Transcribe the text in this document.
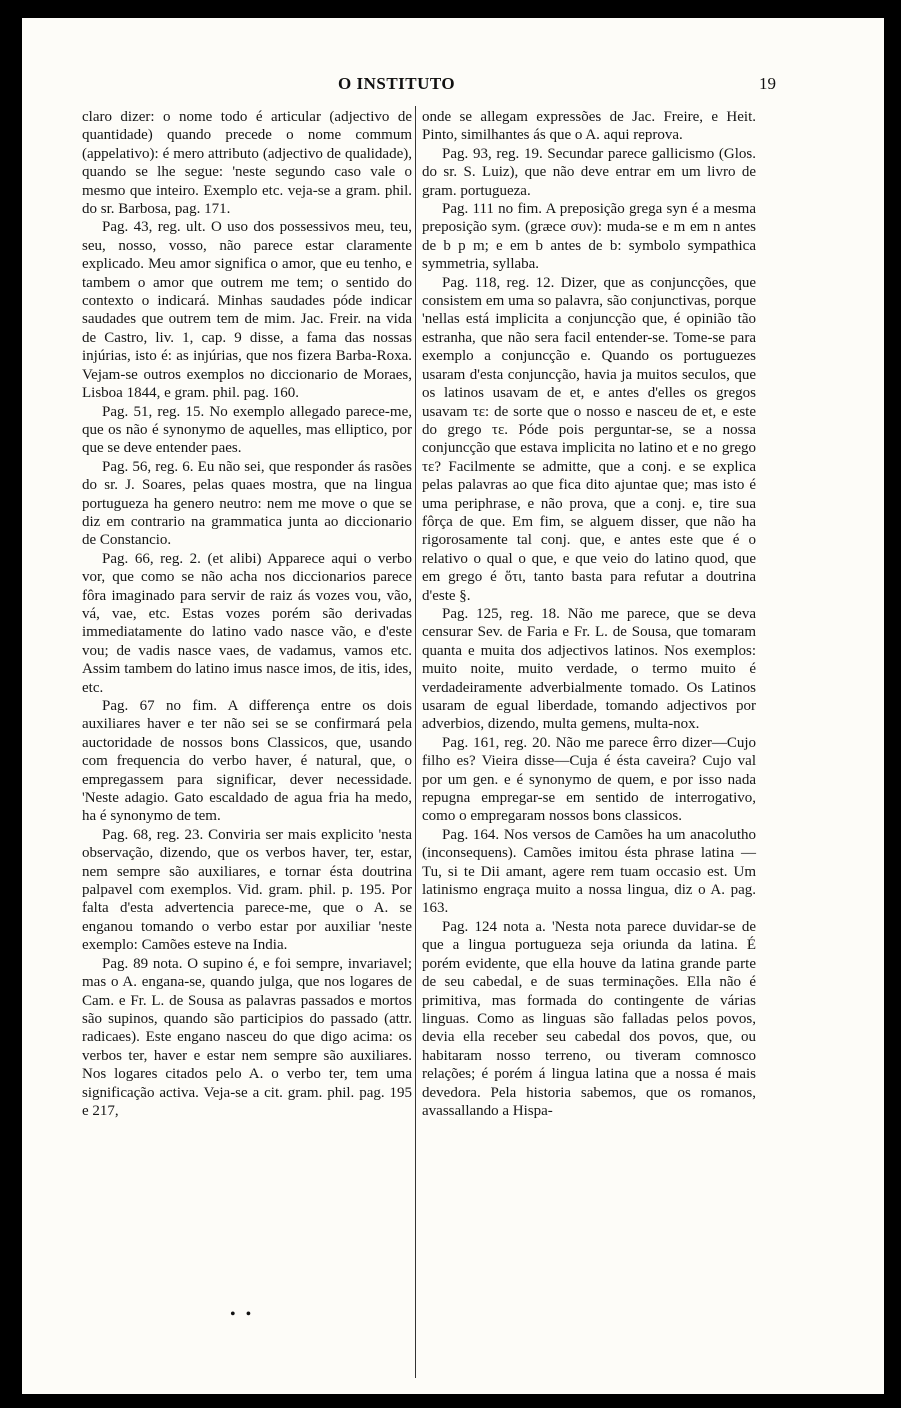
O INSTITUTO	19

claro dizer: o nome todo é articular (adjectivo de quantidade) quando precede o nome commum (appelativo): é mero attributo (adjectivo de qualidade), quando se lhe segue: 'neste segundo caso vale o mesmo que inteiro. Exemplo etc. veja-se a gram. phil. do sr. Barbosa, pag. 171.

Pag. 43, reg. ult. O uso dos possessivos meu, teu, seu, nosso, vosso, não parece estar claramente explicado. Meu amor significa o amor, que eu tenho, e tambem o amor que outrem me tem; o sentido do contexto o indicará. Minhas saudades póde indicar saudades que outrem tem de mim. Jac. Freir. na vida de Castro, liv. 1, cap. 9 disse, a fama das nossas injúrias, isto é: as injúrias, que nos fizera Barba-Roxa. Vejam-se outros exemplos no diccionario de Moraes, Lisboa 1844, e gram. phil. pag. 160.

Pag. 51, reg. 15. No exemplo allegado parece-me, que os não é synonymo de aquelles, mas elliptico, por que se deve entender paes.

Pag. 56, reg. 6. Eu não sei, que responder ás rasões do sr. J. Soares, pelas quaes mostra, que na lingua portugueza ha genero neutro: nem me move o que se diz em contrario na grammatica junta ao diccionario de Constancio.

Pag. 66, reg. 2. (et alibi) Apparece aqui o verbo vor, que como se não acha nos diccionarios parece fôra imaginado para servir de raiz ás vozes vou, vão, vá, vae, etc. Estas vozes porém são derivadas immediatamente do latino vado nasce vão, e d'este vou; de vadis nasce vaes, de vadamus, vamos etc. Assim tambem do latino imus nasce imos, de itis, ides, etc.

Pag. 67 no fim. A differença entre os dois auxiliares haver e ter não sei se se confirmará pela auctoridade de nossos bons Classicos, que, usando com frequencia do verbo haver, é natural, que, o empregassem para significar, dever necessidade. 'Neste adagio. Gato escaldado de agua fria ha medo, ha é synonymo de tem.

Pag. 68, reg. 23. Conviria ser mais explicito 'nesta observação, dizendo, que os verbos haver, ter, estar, nem sempre são auxiliares, e tornar ésta doutrina palpavel com exemplos. Vid. gram. phil. p. 195. Por falta d'esta advertencia parece-me, que o A. se enganou tomando o verbo estar por auxiliar 'neste exemplo: Camões esteve na India.

Pag. 89 nota. O supino é, e foi sempre, invariavel; mas o A. engana-se, quando julga, que nos logares de Cam. e Fr. L. de Sousa as palavras passados e mortos são supinos, quando são participios do passado (attr. radicaes). Este engano nasceu do que digo acima: os verbos ter, haver e estar nem sempre são auxiliares. Nos logares citados pelo A. o verbo ter, tem uma significação activa. Veja-se a cit. gram. phil. pag. 195 e 217,

onde se allegam expressões de Jac. Freire, e Heit. Pinto, similhantes ás que o A. aqui reprova.

Pag. 93, reg. 19. Secundar parece gallicismo (Glos. do sr. S. Luiz), que não deve entrar em um livro de gram. portugueza.

Pag. 111 no fim. A preposição grega syn é a mesma preposição sym. (græce συν): muda-se e m em n antes de b p m; e em b antes de b: symbolo sympathica symmetria, syllaba.

Pag. 118, reg. 12. Dizer, que as conjuncções, que consistem em uma so palavra, são conjunctivas, porque 'nellas está implicita a conjuncção que, é opinião tão estranha, que não sera facil entender-se. Tome-se para exemplo a conjuncção e. Quando os portuguezes usaram d'esta conjuncção, havia ja muitos seculos, que os latinos usavam de et, e antes d'elles os gregos usavam τε: de sorte que o nosso e nasceu de et, e este do grego τε. Póde pois perguntar-se, se a nossa conjuncção que estava implicita no latino et e no grego τε? Facilmente se admitte, que a conj. e se explica pelas palavras ao que fica dito ajuntae que; mas isto é uma periphrase, e não prova, que a conj. e, tire sua fôrça de que. Em fim, se alguem disser, que não ha rigorosamente tal conj. que, e antes este que é o relativo o qual o que, e que veio do latino quod, que em grego é ὅτι, tanto basta para refutar a doutrina d'este §.

Pag. 125, reg. 18. Não me parece, que se deva censurar Sev. de Faria e Fr. L. de Sousa, que tomaram quanta e muita dos adjectivos latinos. Nos exemplos: muito noite, muito verdade, o termo muito é verdadeiramente adverbialmente tomado. Os Latinos usaram de egual liberdade, tomando adjectivos por adverbios, dizendo, multa gemens, multa-nox.

Pag. 161, reg. 20. Não me parece êrro dizer—Cujo filho es? Vieira disse—Cuja é ésta caveira? Cujo val por um gen. e é synonymo de quem, e por isso nada repugna empregar-se em sentido de interrogativo, como o empregaram nossos bons classicos.

Pag. 164. Nos versos de Camões ha um anacolutho (inconsequens). Camões imitou ésta phrase latina — Tu, si te Dii amant, agere rem tuam occasio est. Um latinismo engraça muito a nossa lingua, diz o A. pag. 163.

Pag. 124 nota a. 'Nesta nota parece duvidar-se de que a lingua portugueza seja oriunda da latina. É porém evidente, que ella houve da latina grande parte de seu cabedal, e de suas terminações. Ella não é primitiva, mas formada do contingente de várias linguas. Como as linguas são falladas pelos povos, devia ella receber seu cabedal dos povos, que, ou habitaram nosso terreno, ou tiveram comnosco relações; é porém á lingua latina que a nossa é mais devedora. Pela historia sabemos, que os romanos, avassallando a Hispa-

• •
